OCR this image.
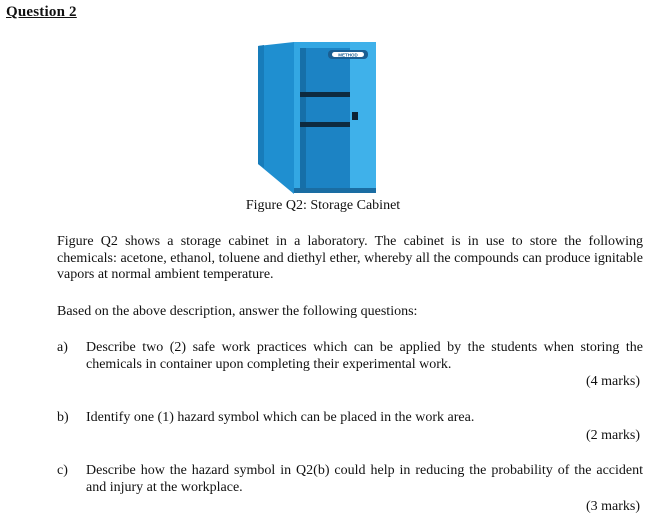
Question 2
METHOD
Figure Q2: Storage Cabinet
Figure Q2 shows a storage cabinet in a laboratory. The cabinet is in use to store the following chemicals: acetone, ethanol, toluene and diethyl ether, whereby all the compounds can produce ignitable vapors at normal ambient temperature.
Based on the above description, answer the following questions:
a) Describe two (2) safe work practices which can be applied by the students when storing the chemicals in container upon completing their experimental work.
(4 marks)
b) Identify one (1) hazard symbol which can be placed in the work area.
(2 marks)
c) Describe how the hazard symbol in Q2(b) could help in reducing the probability of the accident and injury at the workplace.
(3 marks)
